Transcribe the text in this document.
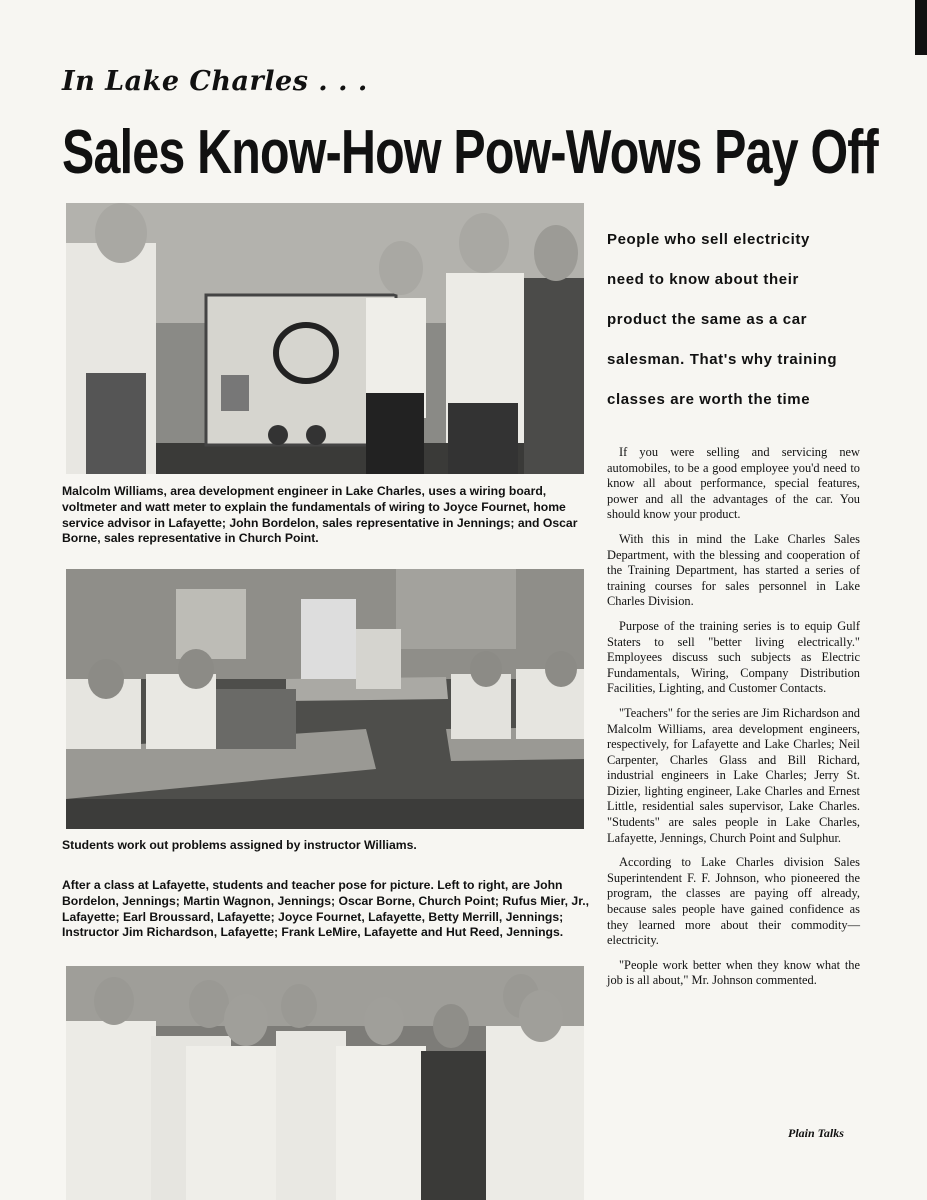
In Lake Charles . . .
Sales Know-How Pow-Wows Pay Off
Malcolm Williams, area development engineer in Lake Charles, uses a wiring board, voltmeter and watt meter to explain the fundamentals of wiring to Joyce Fournet, home service advisor in Lafayette; John Bordelon, sales representative in Jennings; and Oscar Borne, sales representative in Church Point.
Students work out problems assigned by instructor Williams.
After a class at Lafayette, students and teacher pose for picture. Left to right, are John Bordelon, Jennings; Martin Wagnon, Jennings; Oscar Borne, Church Point; Rufus Mier, Jr., Lafayette; Earl Broussard, Lafayette; Joyce Fournet, Lafayette, Betty Merrill, Jennings; Instructor Jim Richardson, Lafayette; Frank LeMire, Lafayette and Hut Reed, Jennings.

People who sell electricity

need to know about their

product the same as a car

salesman. That's why training

classes are worth the time

If you were selling and servicing new automobiles, to be a good employee you'd need to know all about performance, special features, power and all the advantages of the car. You should know your product.

With this in mind the Lake Charles Sales Department, with the blessing and cooperation of the Training Department, has started a series of training courses for sales personnel in Lake Charles Division.

Purpose of the training series is to equip Gulf Staters to sell "better living electrically." Employees discuss such subjects as Electric Fundamentals, Wiring, Company Distribution Facilities, Lighting, and Customer Contacts.

"Teachers" for the series are Jim Richardson and Malcolm Williams, area development engineers, respectively, for Lafayette and Lake Charles; Neil Carpenter, Charles Glass and Bill Richard, industrial engineers in Lake Charles; Jerry St. Dizier, lighting engineer, Lake Charles and Ernest Little, residential sales supervisor, Lake Charles. "Students" are sales people in Lake Charles, Lafayette, Jennings, Church Point and Sulphur.

According to Lake Charles division Sales Superintendent F. F. Johnson, who pioneered the program, the classes are paying off already, because sales people have gained confidence as they learned more about their commodity—electricity.

"People work better when they know what the job is all about," Mr. Johnson commented.

Plain Talks
